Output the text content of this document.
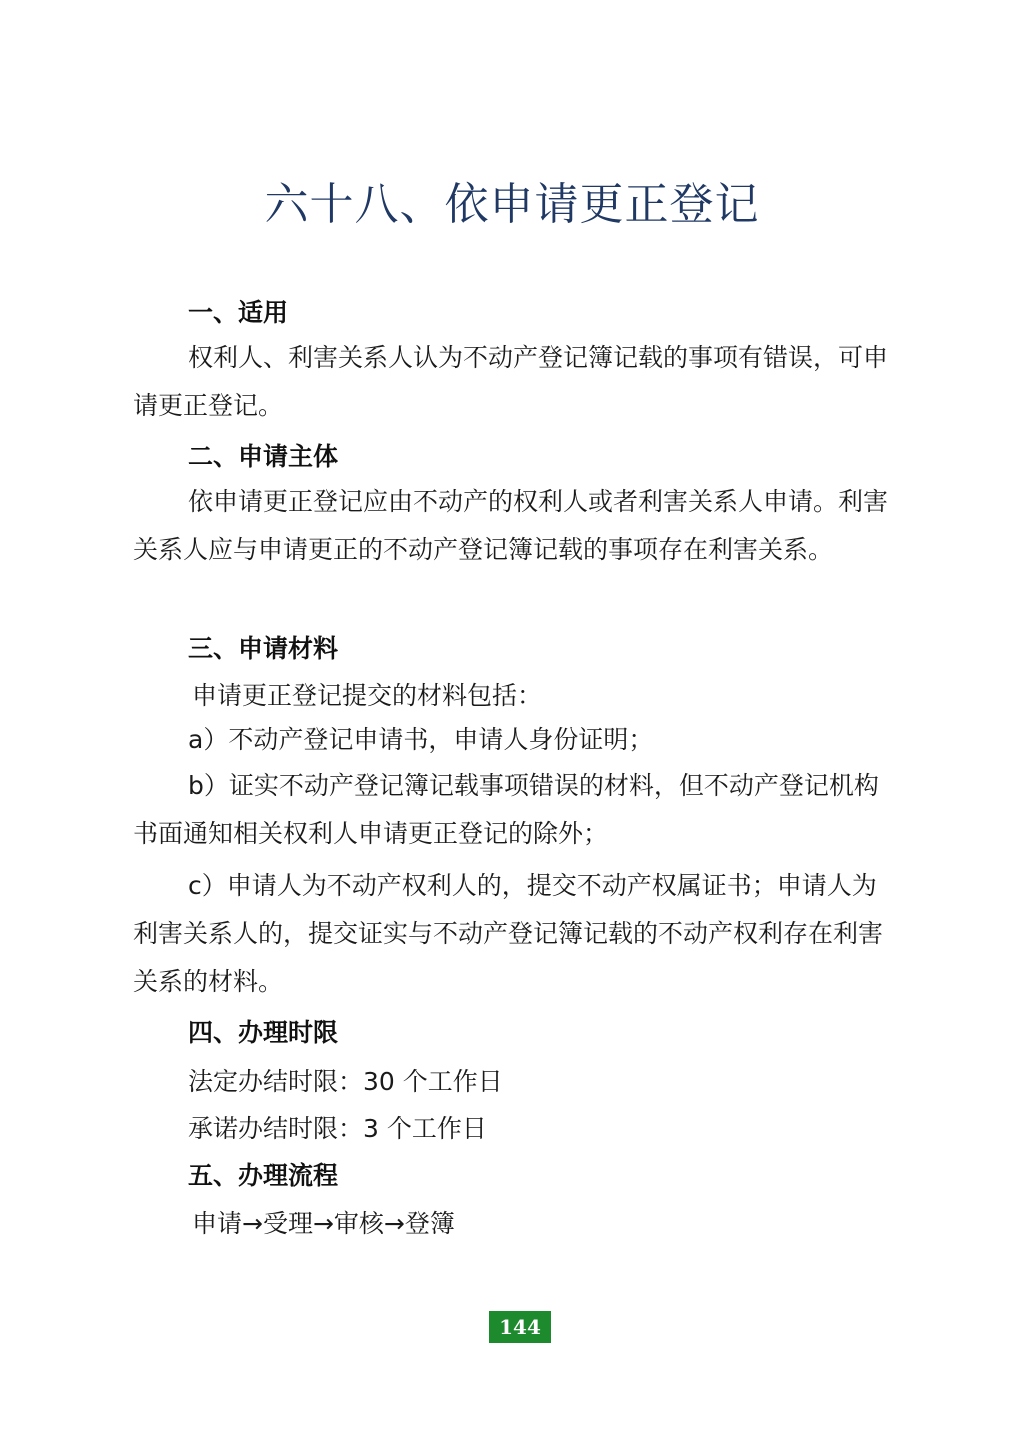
六十八、依申请更正登记
一、适用

权利人、利害关系人认为不动产登记簿记载的事项有错误，可申请更正登记。

二、申请主体

依申请更正登记应由不动产的权利人或者利害关系人申请。利害关系人应与申请更正的不动产登记簿记载的事项存在利害关系。

三、申请材料
申请更正登记提交的材料包括：

a）不动产登记申请书，申请人身份证明；

b）证实不动产登记簿记载事项错误的材料，但不动产登记机构书面通知相关权利人申请更正登记的除外；

c）申请人为不动产权利人的，提交不动产权属证书；申请人为利害关系人的，提交证实与不动产登记簿记载的不动产权利存在利害关系的材料。

四、办理时限
法定办结时限：30 个工作日
承诺办结时限：3 个工作日
五、办理流程
申请→受理→审核→登簿
144
